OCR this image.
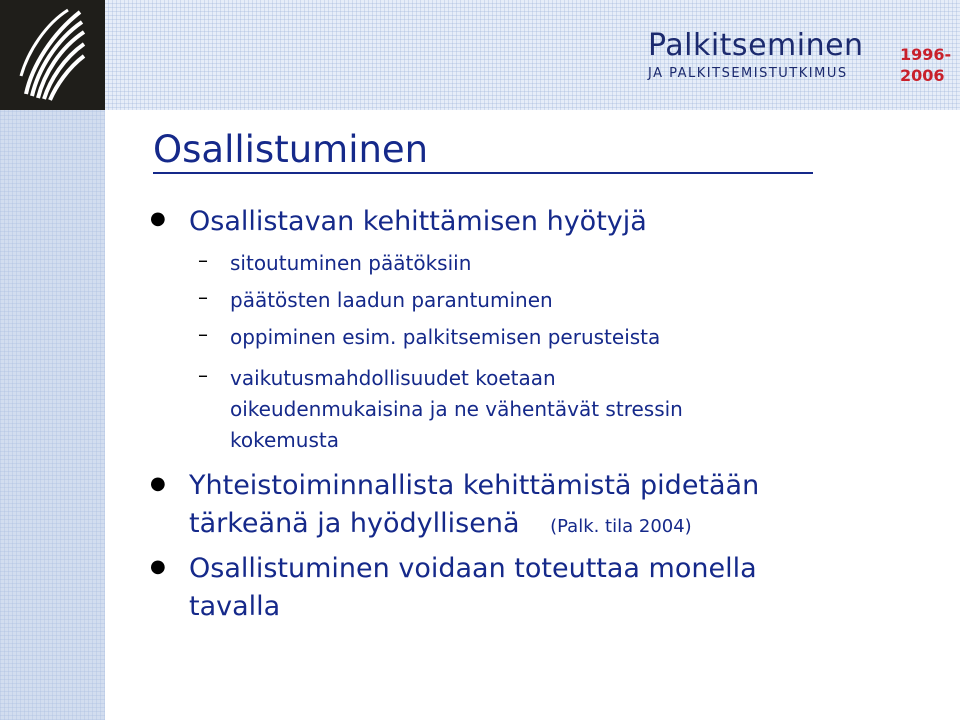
Palkitseminen
JA PALKITSEMISTUTKIMUS
1996-
2006
Osallistuminen
● Osallistavan kehittämisen hyötyjä
– sitoutuminen päätöksiin
– päätösten laadun parantuminen
– oppiminen esim. palkitsemisen perusteista
– vaikutusmahdollisuudet koetaan
oikeudenmukaisina ja ne vähentävät stressin
kokemusta
● Yhteistoiminnallista kehittämistä pidetään
tärkeänä ja hyödyllisenä (Palk. tila 2004)
● Osallistuminen voidaan toteuttaa monella
tavalla
